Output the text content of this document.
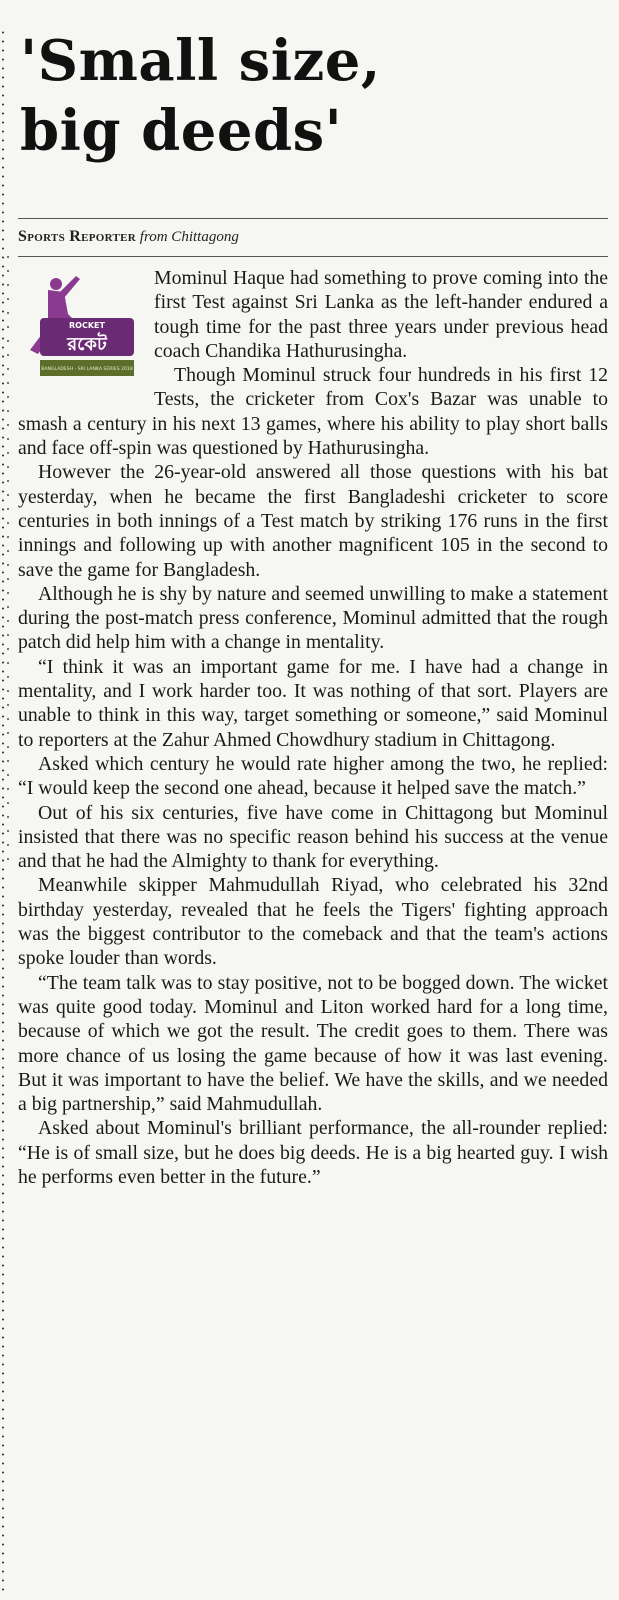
'Small size,
big deeds'
Sports Reporter from Chittagong
ROCKET
রকেট
BANGLADESH - SRI LANKA SERIES 2018

Mominul Haque had something to prove coming into the first Test against Sri Lanka as the left-hander endured a tough time for the past three years under previous head coach Chandika Hathurusingha.

Though Mominul struck four hundreds in his first 12 Tests, the cricketer from Cox's Bazar was unable to smash a century in his next 13 games, where his ability to play short balls and face off-spin was questioned by Hathurusingha.

However the 26-year-old answered all those questions with his bat yesterday, when he became the first Bangladeshi cricketer to score centuries in both innings of a Test match by striking 176 runs in the first innings and following up with another magnificent 105 in the second to save the game for Bangladesh.

Although he is shy by nature and seemed unwilling to make a statement during the post-match press conference, Mominul admitted that the rough patch did help him with a change in mentality.

“I think it was an important game for me. I have had a change in mentality, and I work harder too. It was nothing of that sort. Players are unable to think in this way, target something or someone,” said Mominul to reporters at the Zahur Ahmed Chowdhury stadium in Chittagong.

Asked which century he would rate higher among the two, he replied: “I would keep the second one ahead, because it helped save the match.”

Out of his six centuries, five have come in Chittagong but Mominul insisted that there was no specific reason behind his success at the venue and that he had the Almighty to thank for everything.

Meanwhile skipper Mahmudullah Riyad, who celebrated his 32nd birthday yesterday, revealed that he feels the Tigers' fighting approach was the biggest contributor to the comeback and that the team's actions spoke louder than words.

“The team talk was to stay positive, not to be bogged down. The wicket was quite good today. Mominul and Liton worked hard for a long time, because of which we got the result. The credit goes to them. There was more chance of us losing the game because of how it was last evening. But it was important to have the belief. We have the skills, and we needed a big partnership,” said Mahmudullah.

Asked about Mominul's brilliant performance, the all-rounder replied: “He is of small size, but he does big deeds. He is a big hearted guy. I wish he performs even better in the future.”
